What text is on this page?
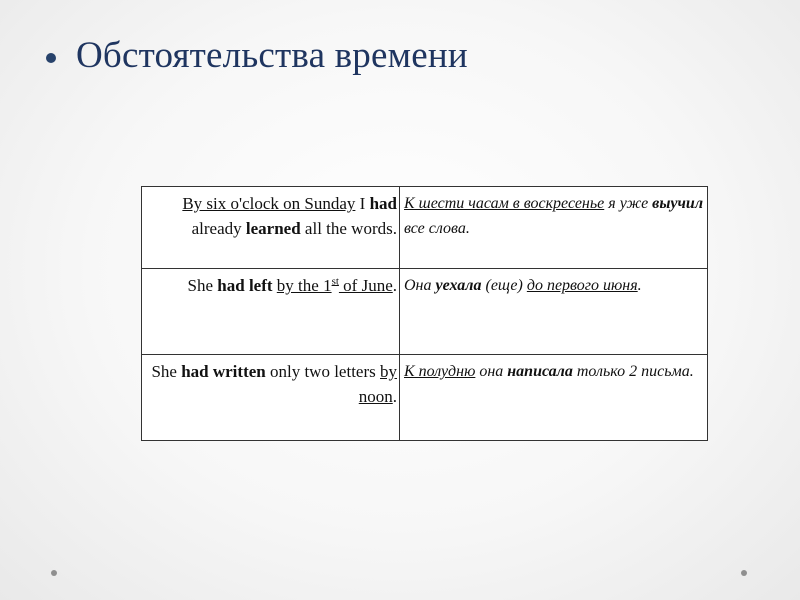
Обстоятельства времени
By six o'clock on Sunday I had already learned all the words.	К шести часам в воскресенье я уже выучил все слова.
She had left by the 1st of June.	Она уехала (еще) до первого июня.
She had written only two letters by noon.	К полудню она написала только 2 письма.
